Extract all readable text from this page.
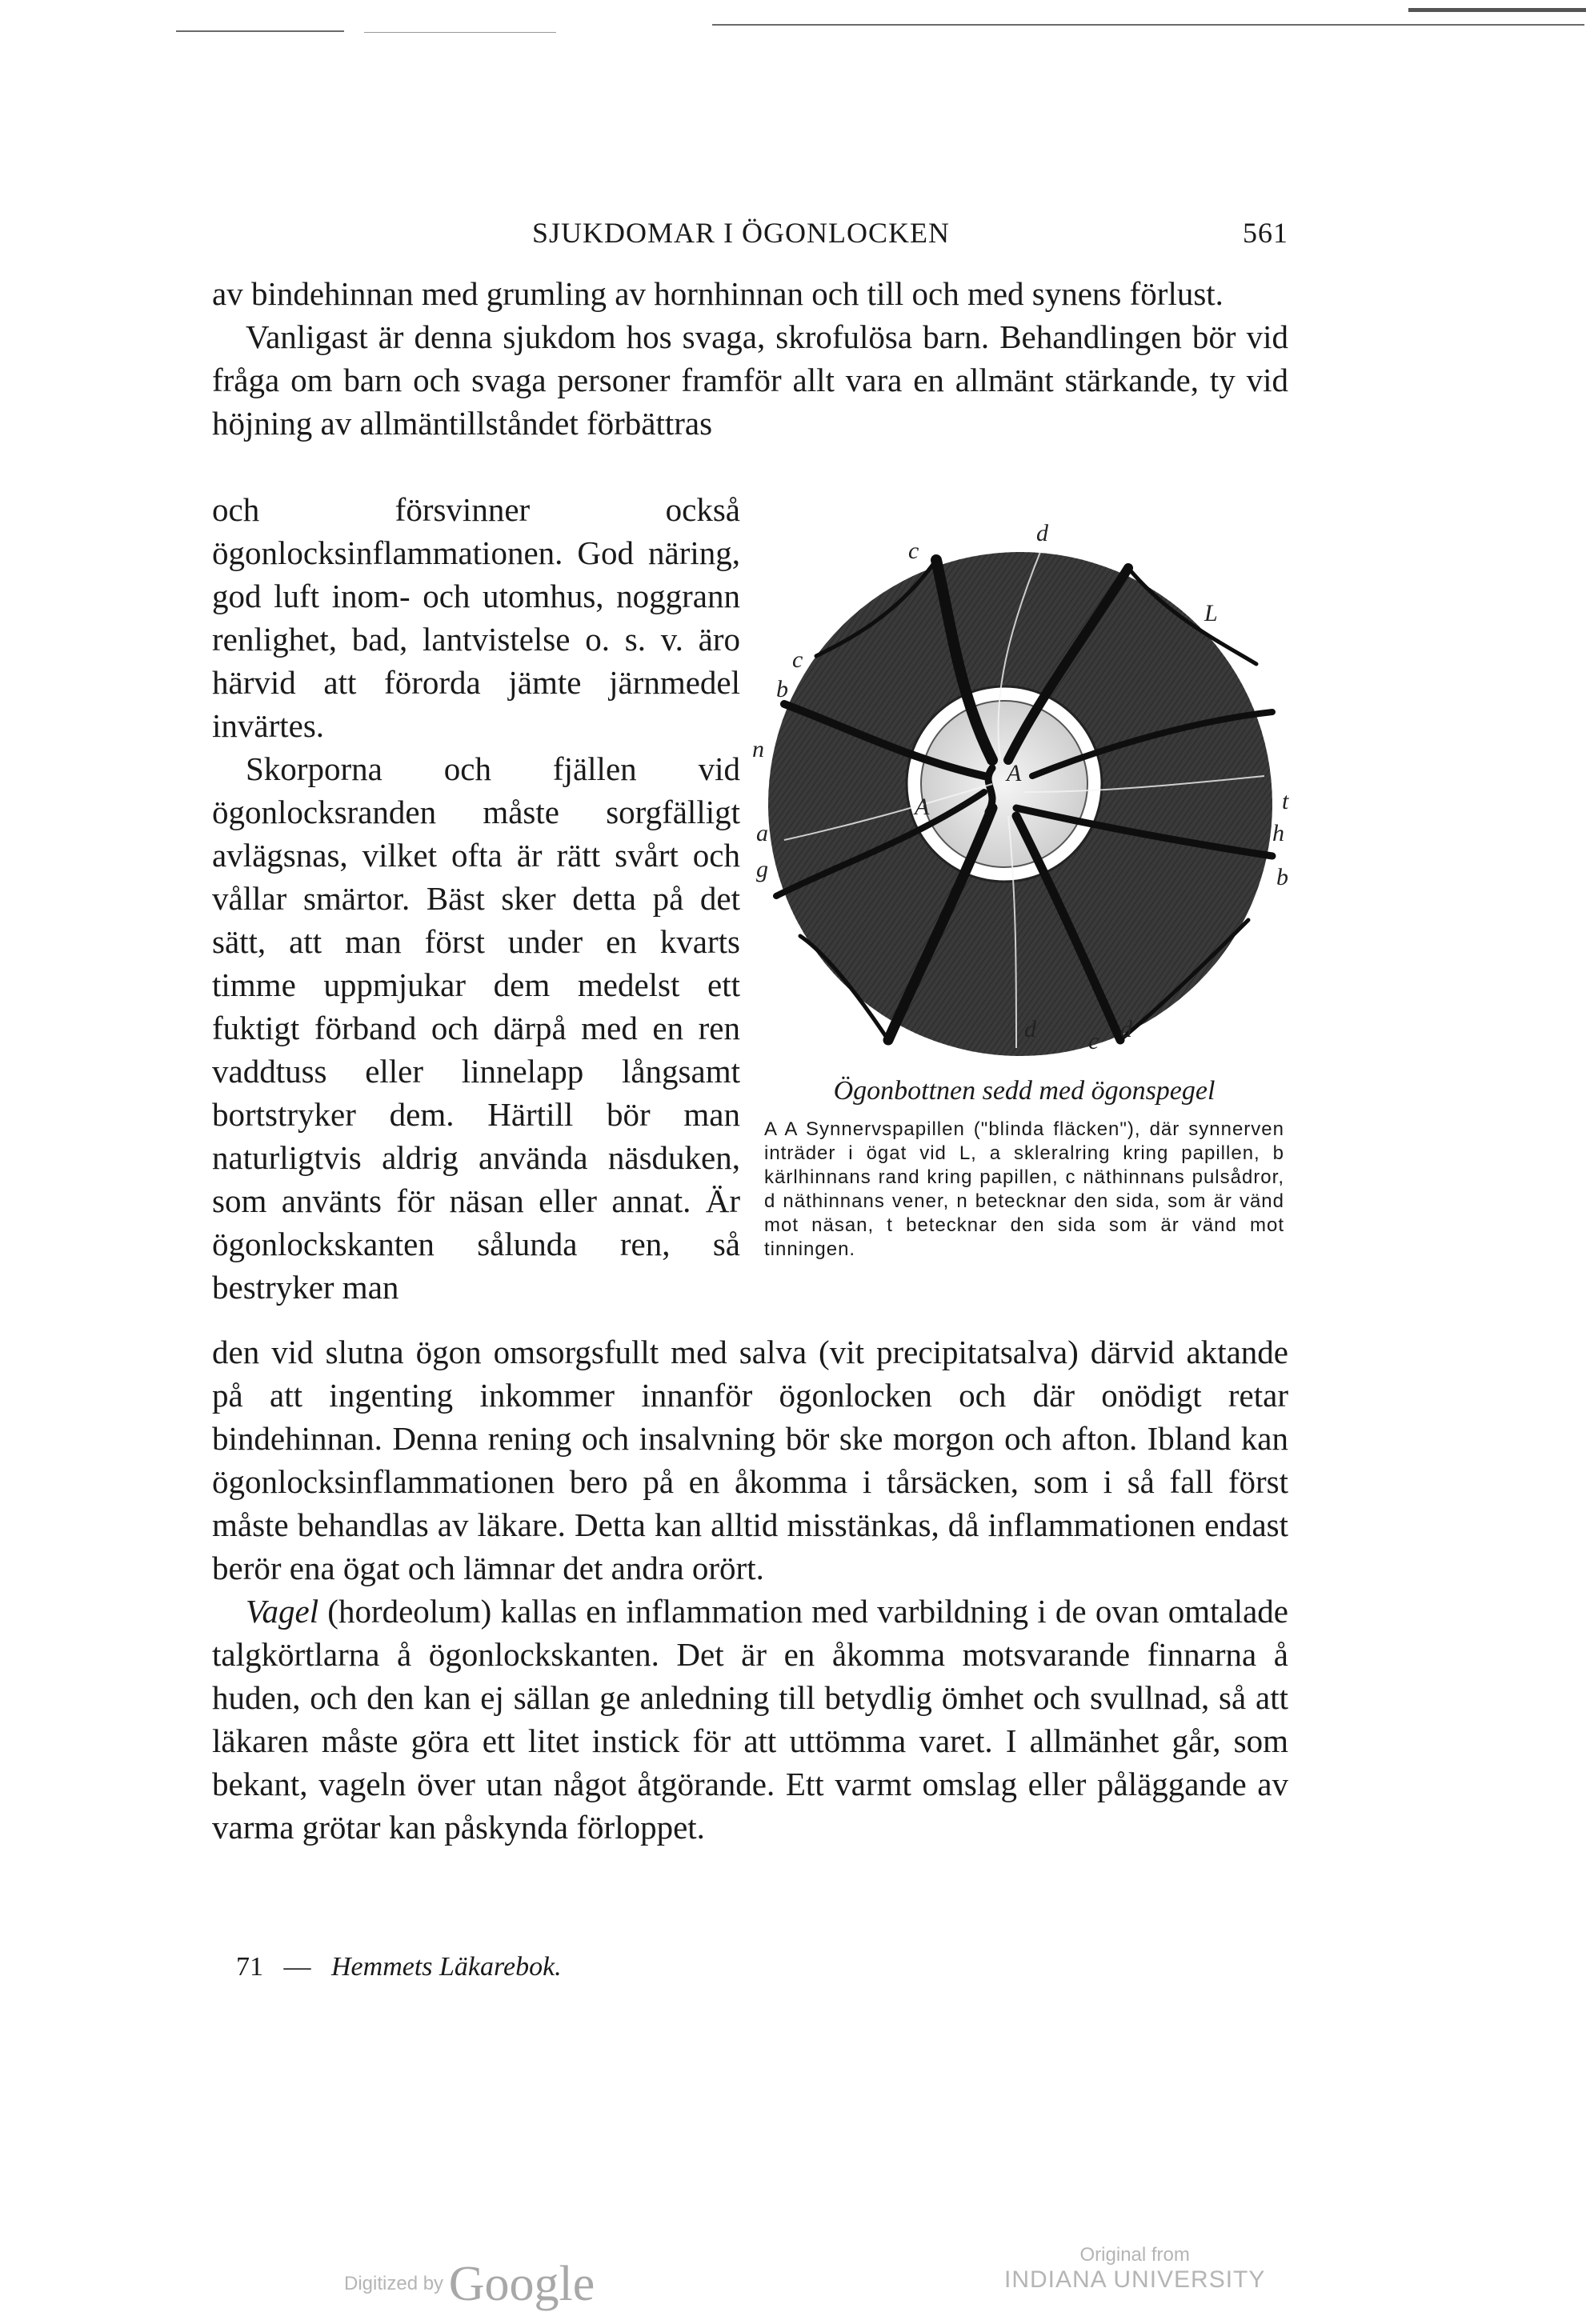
SJUKDOMAR I ÖGONLOCKEN	561

av bindehinnan med grumling av hornhinnan och till och med synens förlust.

Vanligast är denna sjukdom hos svaga, skrofulösa barn. Behandlingen bör vid fråga om barn och svaga personer framför allt vara en allmänt stärkande, ty vid höjning av allmäntillståndet förbättras

och försvinner också ögonlocksinflammationen. God näring, god luft inom- och utomhus, noggrann renlighet, bad, lantvistelse o. s. v. äro härvid att förorda jämte järnmedel invärtes.

Skorporna och fjällen vid ögonlocksranden måste sorgfälligt avlägsnas, vilket ofta är rätt svårt och vållar smärtor. Bäst sker detta på det sätt, att man först under en kvarts timme uppmjukar dem medelst ett fuktigt förband och därpå med en ren vaddtuss eller linnelapp långsamt bortstryker dem. Härtill bör man naturligtvis aldrig använda näsduken, som använts för näsan eller annat. Är ögonlockskanten sålunda ren, så bestryker man

d
c
L
c
b
n
A
A
a
g
t
h
b
d c d
Ögonbottnen sedd med ögonspegel
A A Synnervspapillen ("blinda fläcken"), där synnerven inträder i ögat vid L, a skleralring kring papillen, b kärlhinnans rand kring papillen, c näthinnans pulsådror, d näthinnans vener, n betecknar den sida, som är vänd mot näsan, t betecknar den sida som är vänd mot tinningen.

den vid slutna ögon omsorgsfullt med salva (vit precipitatsalva) därvid aktande på att ingenting inkommer innanför ögonlocken och där onödigt retar bindehinnan. Denna rening och insalvning bör ske morgon och afton. Ibland kan ögonlocksinflammationen bero på en åkomma i tårsäcken, som i så fall först måste behandlas av läkare. Detta kan alltid misstänkas, då inflammationen endast berör ena ögat och lämnar det andra orört.

Vagel (hordeolum) kallas en inflammation med varbildning i de ovan omtalade talgkörtlarna å ögonlockskanten. Det är en åkomma motsvarande finnarna å huden, och den kan ej sällan ge anledning till betydlig ömhet och svullnad, så att läkaren måste göra ett litet instick för att uttömma varet. I allmänhet går, som bekant, vageln över utan något åtgörande. Ett varmt omslag eller påläggande av varma grötar kan påskynda förloppet.

71 — Hemmets Läkarebok.
Digitized by Google
Original from
INDIANA UNIVERSITY
